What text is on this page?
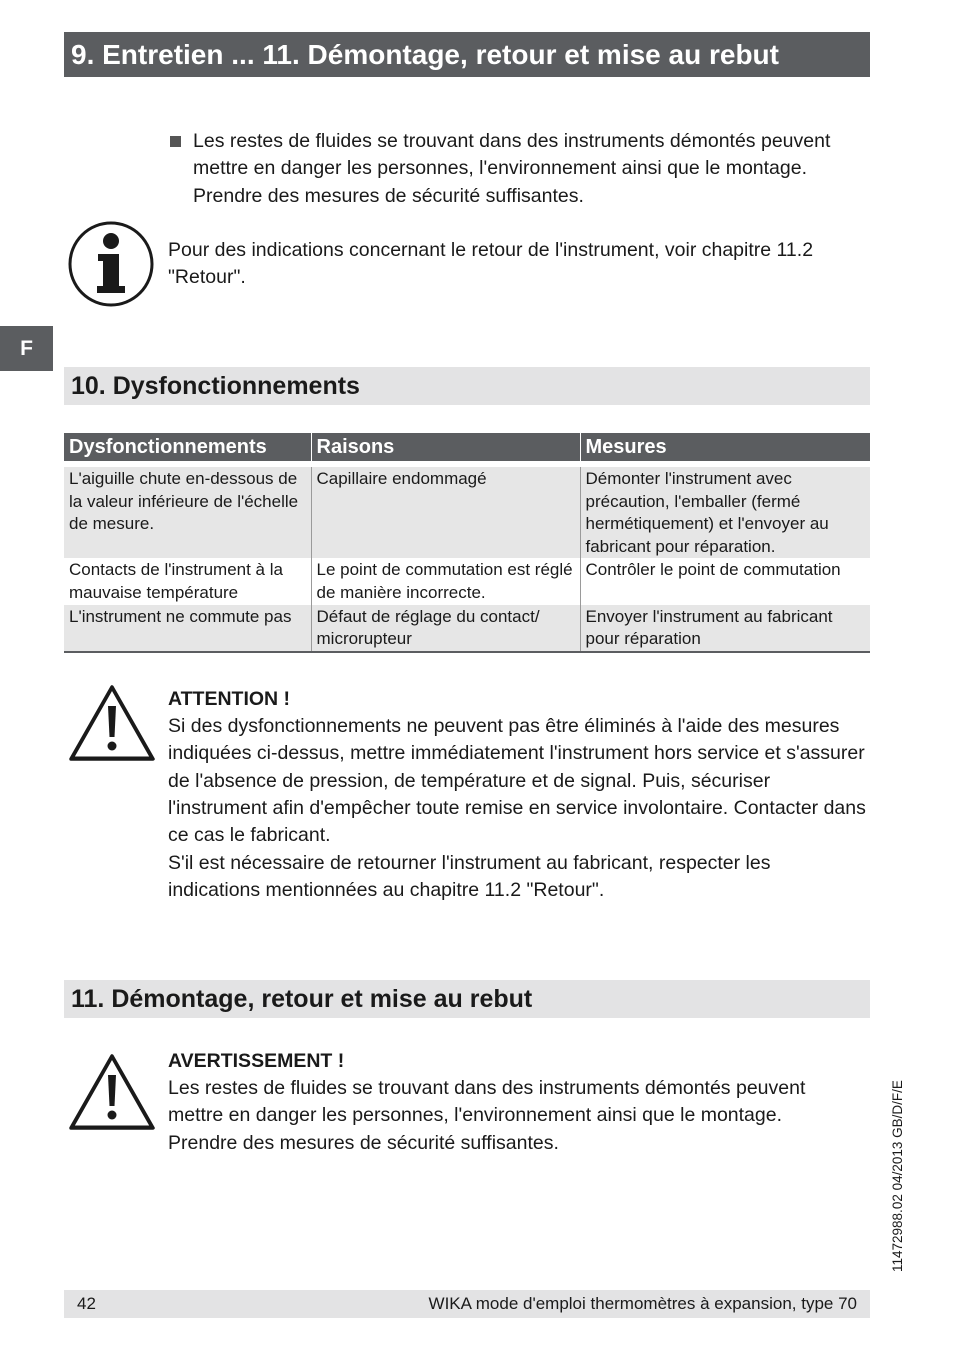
9. Entretien ... 11. Démontage, retour et mise au rebut

Les restes de fluides se trouvant dans des instruments démontés peuvent mettre en danger les personnes, l'environnement ainsi que le montage. Prendre des mesures de sécurité suffisantes.

Pour des indications concernant le retour de l'instrument, voir chapitre 11.2 "Retour".

F
10. Dysfonctionnements
Dysfonctionnements	Raisons	Mesures

L'aiguille chute en-dessous de la valeur inférieure de l'échelle de mesure.	Capillaire endommagé	Démonter l'instrument avec précaution, l'emballer (fermé hermétiquement) et l'envoyer au fabricant pour réparation.
Contacts de l'instrument à la mauvaise température	Le point de commutation est réglé de manière incorrecte.	Contrôler le point de commutation
L'instrument ne commute pas	Défaut de réglage du contact/ microrupteur	Envoyer l'instrument au fabricant pour réparation

ATTENTION !

Si des dysfonctionnements ne peuvent pas être éliminés à l'aide des mesures indiquées ci-dessus, mettre immédiatement l'instrument hors service et s'assurer de l'absence de pression, de température et de signal. Puis, sécuriser l'instrument afin d'empêcher toute remise en service involontaire. Contacter dans ce cas le fabricant.

S'il est nécessaire de retourner l'instrument au fabricant, respecter les indications mentionnées au chapitre 11.2 "Retour".

11. Démontage, retour et mise au rebut

AVERTISSEMENT !

Les restes de fluides se trouvant dans des instruments démontés peuvent mettre en danger les personnes, l'environnement ainsi que le montage. Prendre des mesures de sécurité suffisantes.	11472988.02 04/2013 GB/D/F/E
42	WIKA mode d'emploi thermomètres à expansion, type 70
